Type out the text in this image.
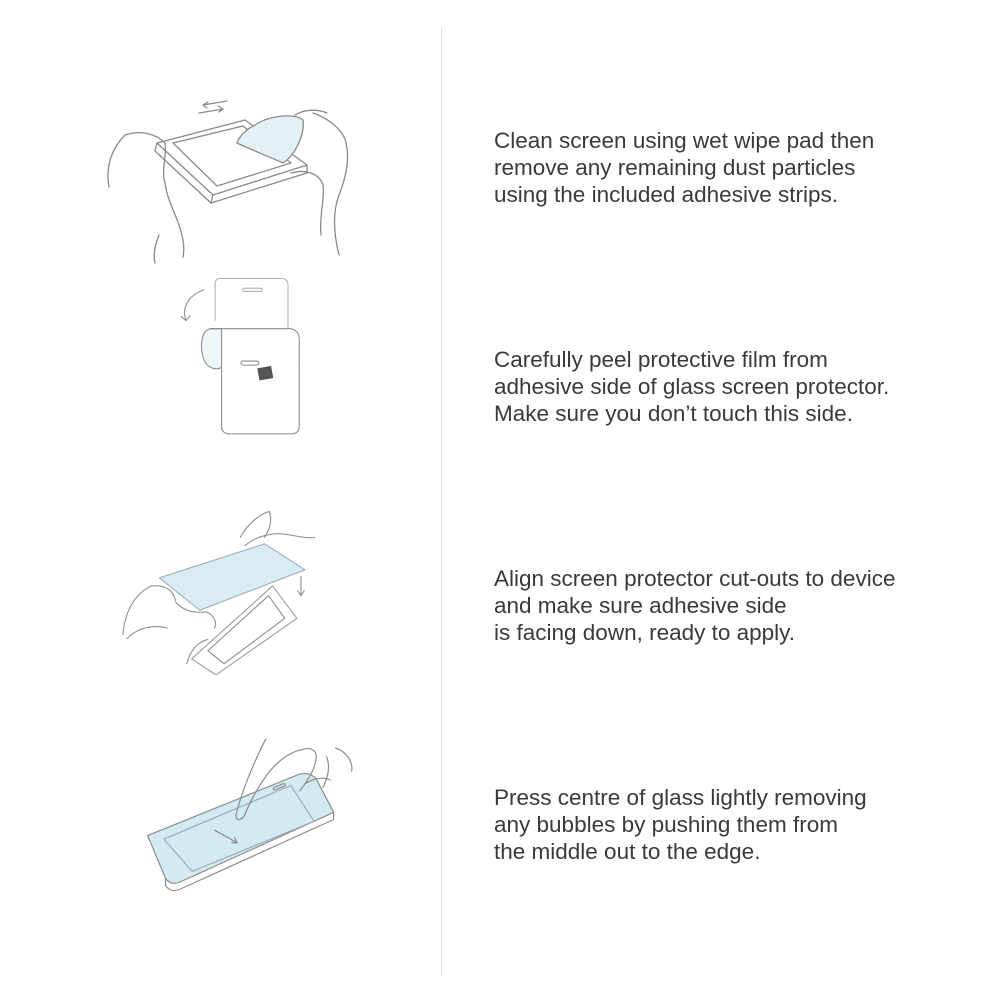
Clean screen using wet wipe pad then
remove any remaining dust particles
using the included adhesive strips.
Carefully peel protective film from
adhesive side of glass screen protector.
Make sure you don’t touch this side.
Align screen protector cut-outs to device
and make sure adhesive side
is facing down, ready to apply.
Press centre of glass lightly removing
any bubbles by pushing them from
the middle out to the edge.
